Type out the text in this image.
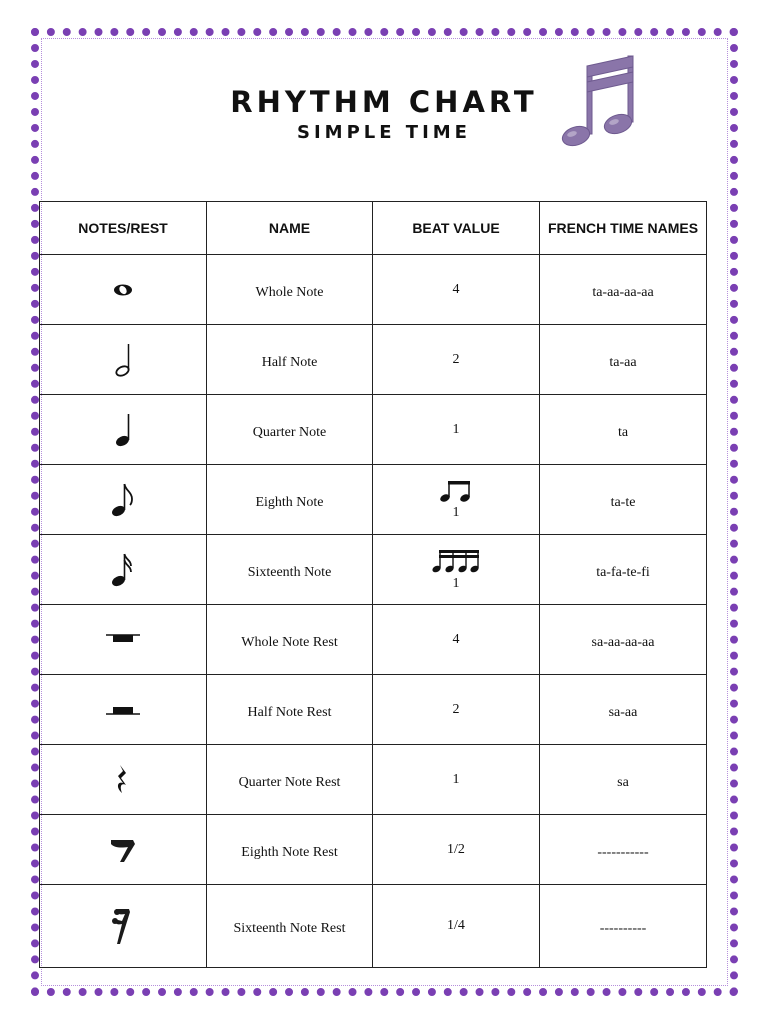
RHYTHM CHART
SIMPLE TIME
NOTES/REST	NAME	BEAT VALUE	FRENCH TIME NAMES

	Whole Note	4	ta-aa-aa-aa

	Half Note	2	ta-aa

	Quarter Note	1	ta

	Eighth Note	1	ta-te

	Sixteenth Note	1	ta-fa-te-fi

	Whole Note Rest	4	sa-aa-aa-aa

	Half Note Rest	2	sa-aa

	Quarter Note Rest	1	sa

	Eighth Note Rest	1/2	-----------

	Sixteenth Note Rest	1/4	----------
